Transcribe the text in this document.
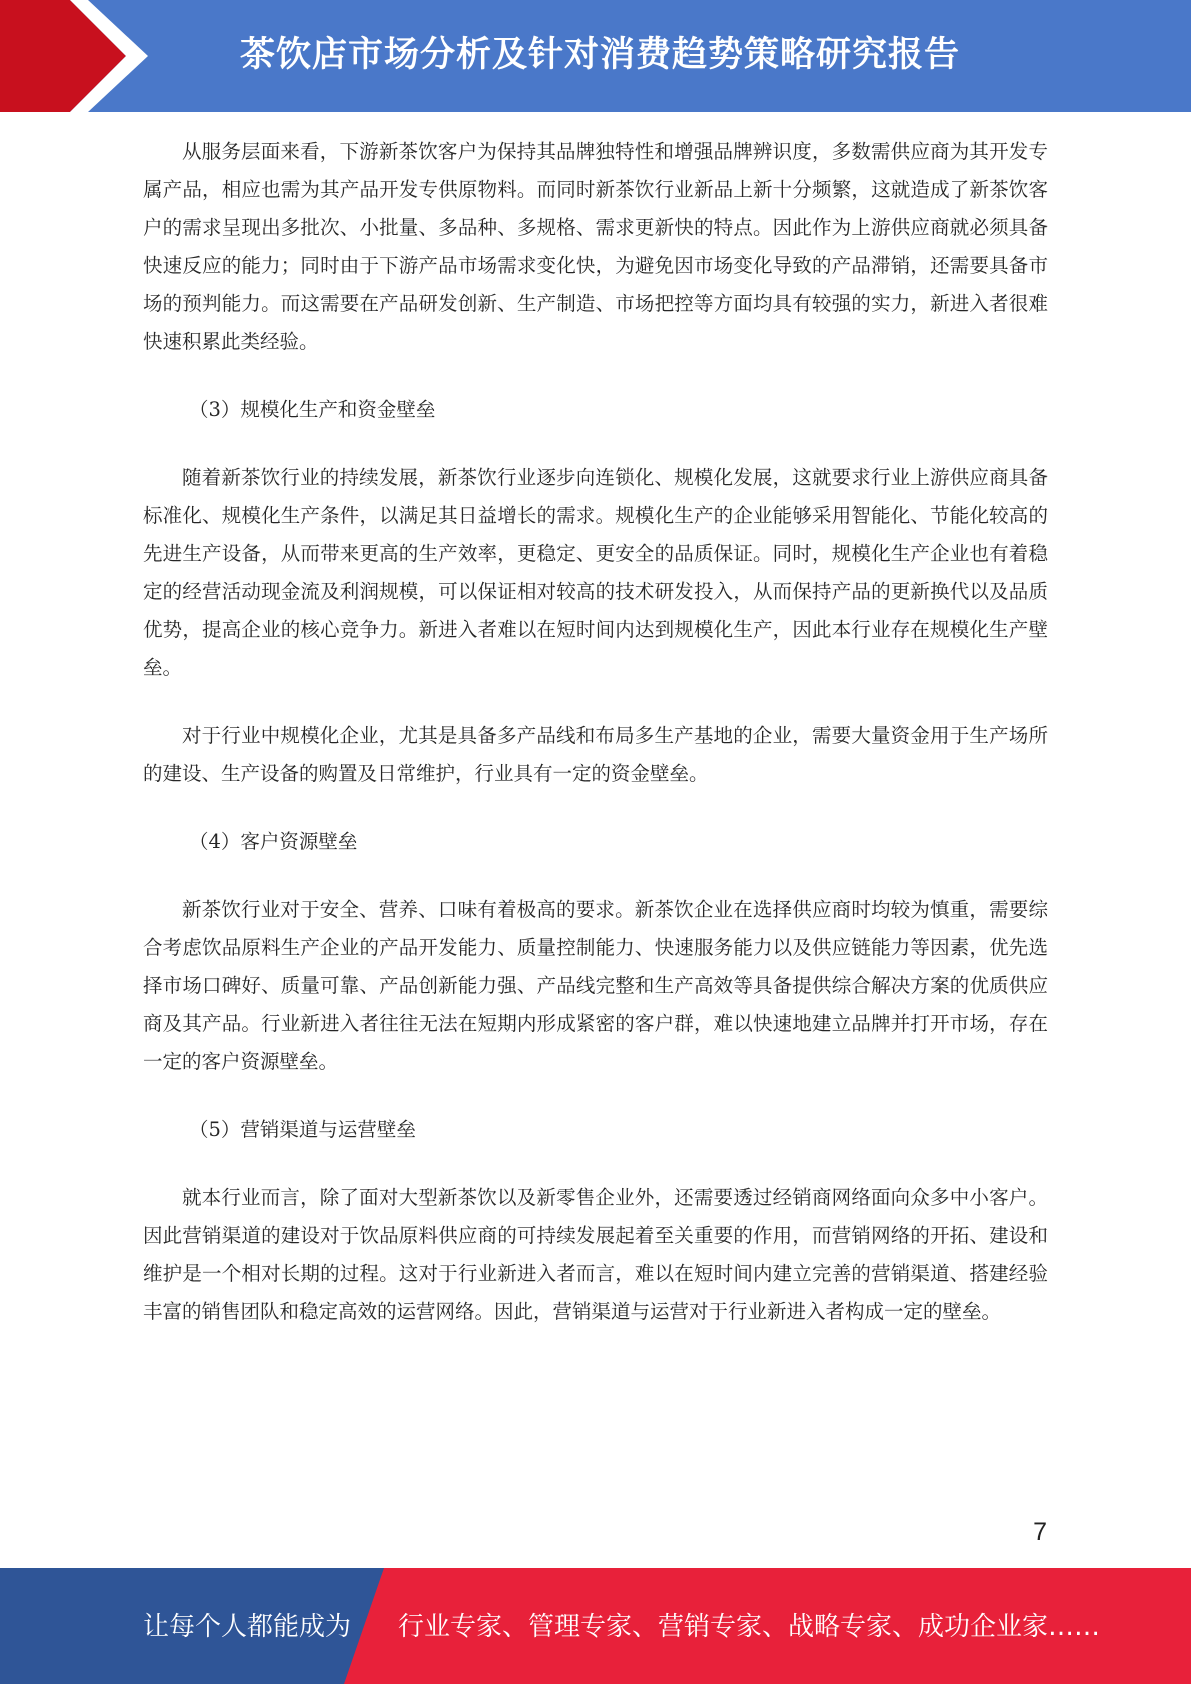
茶饮店市场分析及针对消费趋势策略研究报告

从服务层面来看，下游新茶饮客户为保持其品牌独特性和增强品牌辨识度，多数需供应商为其开发专属产品，相应也需为其产品开发专供原物料。而同时新茶饮行业新品上新十分频繁，这就造成了新茶饮客户的需求呈现出多批次、小批量、多品种、多规格、需求更新快的特点。因此作为上游供应商就必须具备快速反应的能力；同时由于下游产品市场需求变化快，为避免因市场变化导致的产品滞销，还需要具备市场的预判能力。而这需要在产品研发创新、生产制造、市场把控等方面均具有较强的实力，新进入者很难快速积累此类经验。

（3）规模化生产和资金壁垒

随着新茶饮行业的持续发展，新茶饮行业逐步向连锁化、规模化发展，这就要求行业上游供应商具备标准化、规模化生产条件，以满足其日益增长的需求。规模化生产的企业能够采用智能化、节能化较高的先进生产设备，从而带来更高的生产效率，更稳定、更安全的品质保证。同时，规模化生产企业也有着稳定的经营活动现金流及利润规模，可以保证相对较高的技术研发投入，从而保持产品的更新换代以及品质优势，提高企业的核心竞争力。新进入者难以在短时间内达到规模化生产，因此本行业存在规模化生产壁垒。

对于行业中规模化企业，尤其是具备多产品线和布局多生产基地的企业，需要大量资金用于生产场所的建设、生产设备的购置及日常维护，行业具有一定的资金壁垒。

（4）客户资源壁垒

新茶饮行业对于安全、营养、口味有着极高的要求。新茶饮企业在选择供应商时均较为慎重，需要综合考虑饮品原料生产企业的产品开发能力、质量控制能力、快速服务能力以及供应链能力等因素，优先选择市场口碑好、质量可靠、产品创新能力强、产品线完整和生产高效等具备提供综合解决方案的优质供应商及其产品。行业新进入者往往无法在短期内形成紧密的客户群，难以快速地建立品牌并打开市场，存在一定的客户资源壁垒。

（5）营销渠道与运营壁垒

就本行业而言，除了面对大型新茶饮以及新零售企业外，还需要透过经销商网络面向众多中小客户。因此营销渠道的建设对于饮品原料供应商的可持续发展起着至关重要的作用，而营销网络的开拓、建设和维护是一个相对长期的过程。这对于行业新进入者而言，难以在短时间内建立完善的营销渠道、搭建经验丰富的销售团队和稳定高效的运营网络。因此，营销渠道与运营对于行业新进入者构成一定的壁垒。

7
让每个人都能成为 行业专家、管理专家、营销专家、战略专家、成功企业家……
